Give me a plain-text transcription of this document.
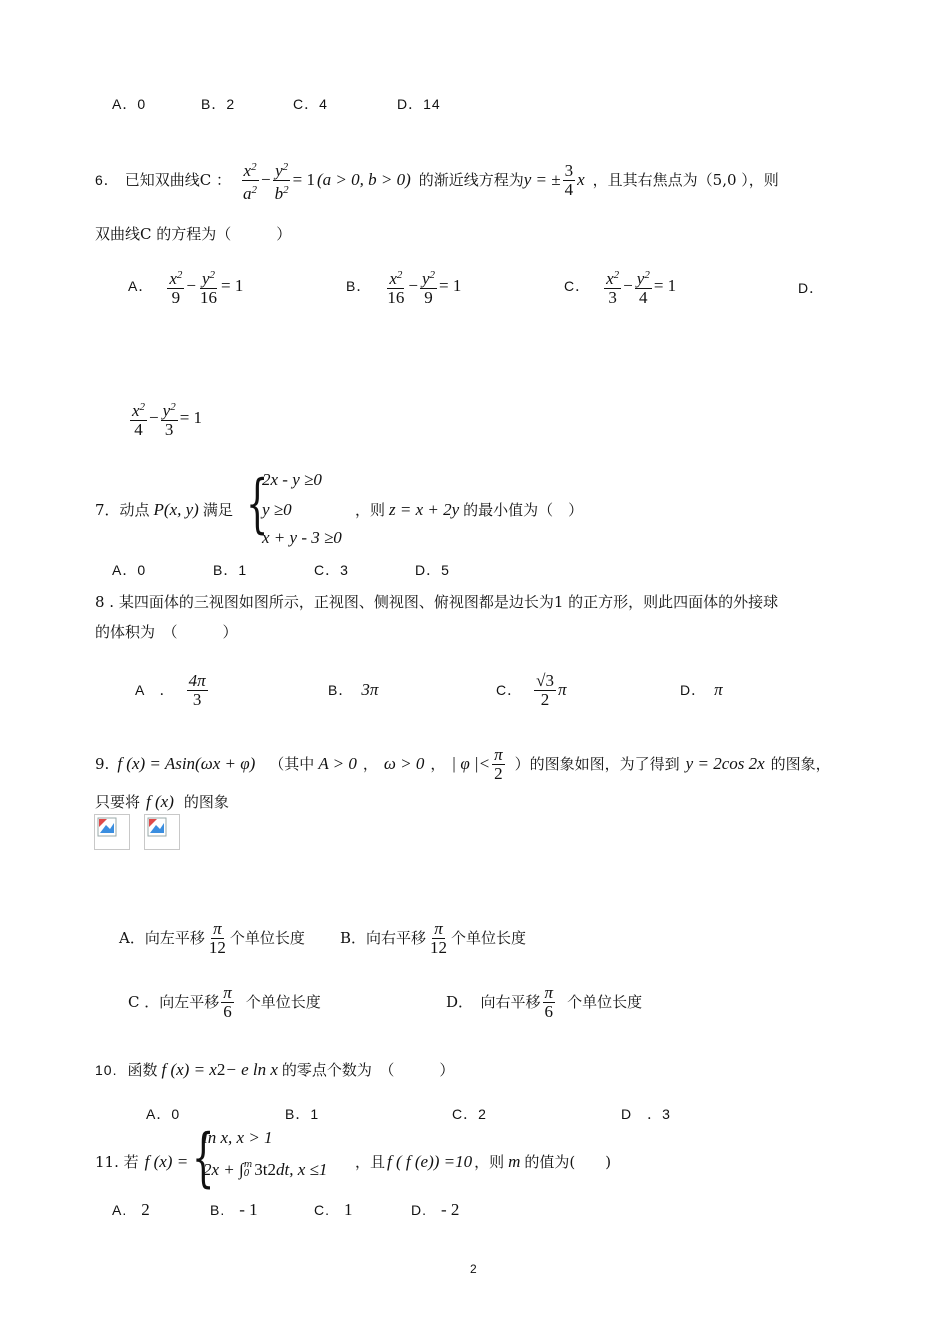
A．0	B．2	C．4	D．14
6． 已知双曲线C ： $\frac{x^2}{a^2} - \frac{y^2}{b^2} = 1$ (a > 0, b > 0) 的渐近线方程为 y = ± $\frac{3}{4}$ x ，且其右焦点为（5,0 ），则
双曲线C 的方程为（　　　）
A． $\frac{x^2}{9} - \frac{y^2}{16} = 1$	B． $\frac{x^2}{16} - \frac{y^2}{9} = 1$	C． $\frac{x^2}{3} - \frac{y^2}{4} = 1$	D．
$\frac{x^2}{4} - \frac{y^2}{3} = 1$
7．动点 P(x, y) 满足 {
2x - y ≥0
y ≥0
x + y - 3 ≥0
，则 z = x + 2y 的最小值为（　）
A．0	B．1	C．3	D．5
8 . 某四面体的三视图如图所示，正视图、侧视图、俯视图都是边长为1 的正方形，则此四面体的外接球
的体积为　（　　　）
A　． $\frac{4\pi}{3}$	B． 3π	C． $\frac{√3}{2}$ π	D． π
9. f (x) = Asin(ωx + φ) （其中 A > 0 ， ω > 0 ， | φ |< $\frac{\pi}{2}$ ）的图象如图，为了得到 y = 2cos 2x 的图象，
只要将 f (x) 的图象
A．向左平移 $\frac{\pi}{12}$ 个单位长度 B．向右平移 $\frac{\pi}{12}$ 个单位长度
C ．向左平移 $\frac{\pi}{6}$ 个单位长度	D．　向右平移 $\frac{\pi}{6}$ 个单位长度
10. 函数 f (x) = x 2 − e ln x 的零点个数为　（　　　）
A．0	B．1	C．2	D　．3
11. 若 f (x) = {
ln x, x > 1
2x + ∫ m
0 3t 2 dt, x ≤1 ，且 f ( f (e)) =10 ，则 m 的值为(　　)
A. 2	B. - 1	C. 1	D. - 2
2
